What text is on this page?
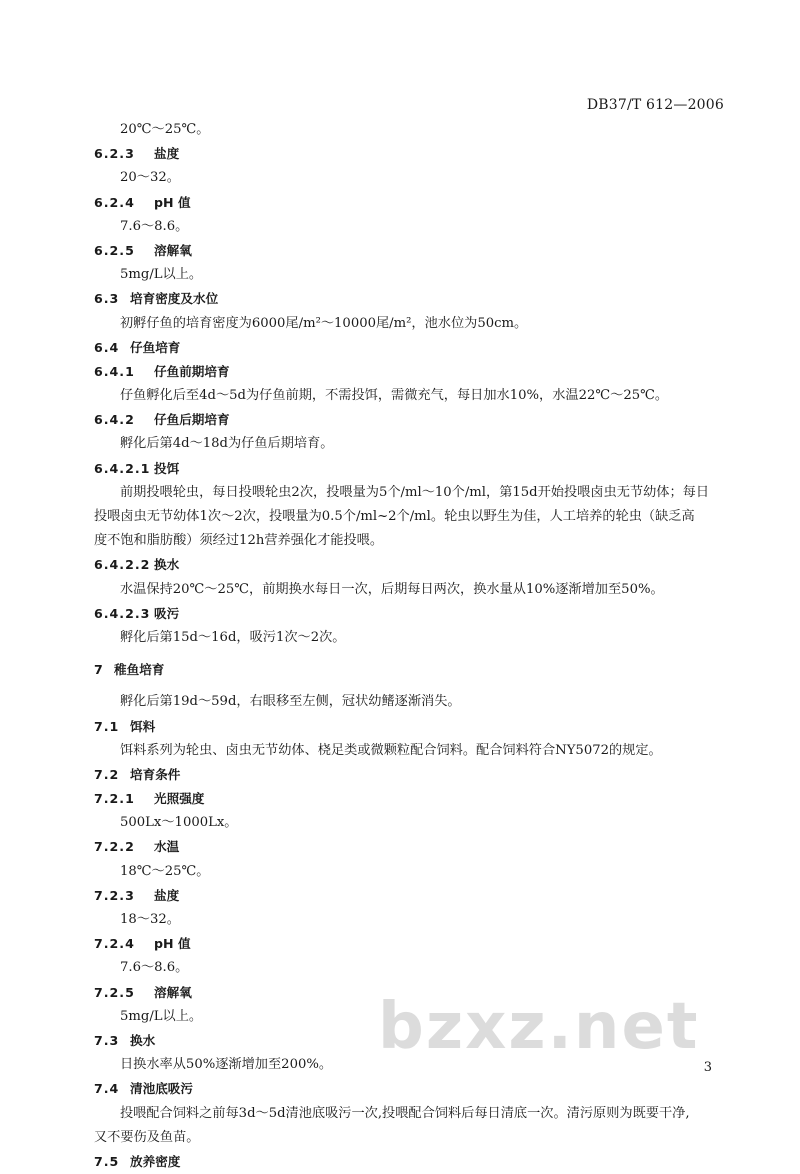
DB37/T 612—2006
20℃～25℃。
6.2.3 盐度
20～32。
6.2.4 pH 值
7.6～8.6。
6.2.5 溶解氧
5mg/L以上。
6.3 培育密度及水位
初孵仔鱼的培育密度为6000尾/m²～10000尾/m²，池水位为50cm。
6.4 仔鱼培育
6.4.1 仔鱼前期培育
仔鱼孵化后至4d～5d为仔鱼前期，不需投饵，需微充气，每日加水10%，水温22℃～25℃。
6.4.2 仔鱼后期培育
孵化后第4d～18d为仔鱼后期培育。
6.4.2.1 投饵
前期投喂轮虫，每日投喂轮虫2次，投喂量为5个/ml～10个/ml，第15d开始投喂卤虫无节幼体；每日
投喂卤虫无节幼体1次～2次，投喂量为0.5个/ml~2个/ml。轮虫以野生为佳，人工培养的轮虫（缺乏高
度不饱和脂肪酸）须经过12h营养强化才能投喂。
6.4.2.2 换水
水温保持20℃～25℃，前期换水每日一次，后期每日两次，换水量从10%逐渐增加至50%。
6.4.2.3 吸污
孵化后第15d～16d，吸污1次～2次。
7 稚鱼培育
孵化后第19d～59d，右眼移至左侧，冠状幼鳍逐渐消失。
7.1 饵料
饵料系列为轮虫、卤虫无节幼体、桡足类或微颗粒配合饲料。配合饲料符合NY5072的规定。
7.2 培育条件
7.2.1 光照强度
500Lx～1000Lx。
7.2.2 水温
18℃～25℃。
7.2.3 盐度
18～32。
7.2.4 pH 值
7.6～8.6。
7.2.5 溶解氧
5mg/L以上。
7.3 换水
日换水率从50%逐渐增加至200%。
7.4 清池底吸污
投喂配合饲料之前每3d～5d清池底吸污一次,投喂配合饲料后每日清底一次。清污原则为既要干净,
又不要伤及鱼苗。
7.5 放养密度
bzxz.net
3
